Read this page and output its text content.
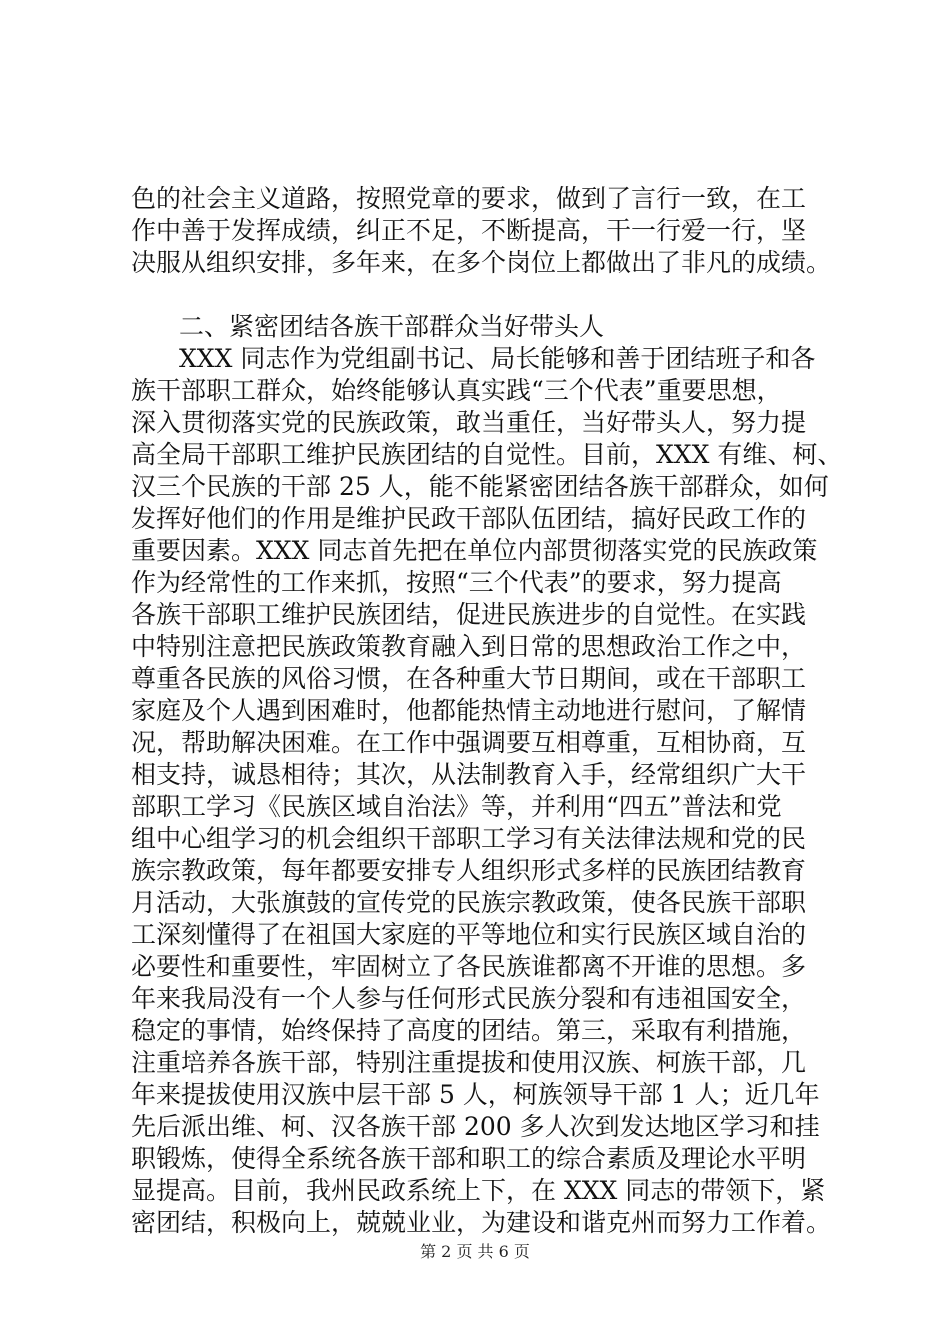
色的社会主义道路，按照党章的要求，做到了言行一致，在工
作中善于发挥成绩，纠正不足，不断提高，干一行爱一行，坚
决服从组织安排，多年来，在多个岗位上都做出了非凡的成绩。
二、紧密团结各族干部群众当好带头人
XXX 同志作为党组副书记、局长能够和善于团结班子和各
族干部职工群众，始终能够认真实践“三个代表”重要思想，
深入贯彻落实党的民族政策，敢当重任，当好带头人，努力提
高全局干部职工维护民族团结的自觉性。目前，XXX 有维、柯、
汉三个民族的干部 25 人，能不能紧密团结各族干部群众，如何
发挥好他们的作用是维护民政干部队伍团结，搞好民政工作的
重要因素。XXX 同志首先把在单位内部贯彻落实党的民族政策
作为经常性的工作来抓，按照“三个代表”的要求，努力提高
各族干部职工维护民族团结，促进民族进步的自觉性。在实践
中特别注意把民族政策教育融入到日常的思想政治工作之中，
尊重各民族的风俗习惯，在各种重大节日期间，或在干部职工
家庭及个人遇到困难时，他都能热情主动地进行慰问，了解情
况，帮助解决困难。在工作中强调要互相尊重，互相协商，互
相支持，诚恳相待；其次，从法制教育入手，经常组织广大干
部职工学习《民族区域自治法》等，并利用“四五”普法和党
组中心组学习的机会组织干部职工学习有关法律法规和党的民
族宗教政策，每年都要安排专人组织形式多样的民族团结教育
月活动，大张旗鼓的宣传党的民族宗教政策，使各民族干部职
工深刻懂得了在祖国大家庭的平等地位和实行民族区域自治的
必要性和重要性，牢固树立了各民族谁都离不开谁的思想。多
年来我局没有一个人参与任何形式民族分裂和有违祖国安全，
稳定的事情，始终保持了高度的团结。第三，采取有利措施，
注重培养各族干部，特别注重提拔和使用汉族、柯族干部，几
年来提拔使用汉族中层干部 5 人，柯族领导干部 1 人；近几年
先后派出维、柯、汉各族干部 200 多人次到发达地区学习和挂
职锻炼，使得全系统各族干部和职工的综合素质及理论水平明
显提高。目前，我州民政系统上下，在 XXX 同志的带领下，紧
密团结，积极向上，兢兢业业，为建设和谐克州而努力工作着。
第 2 页 共 6 页
